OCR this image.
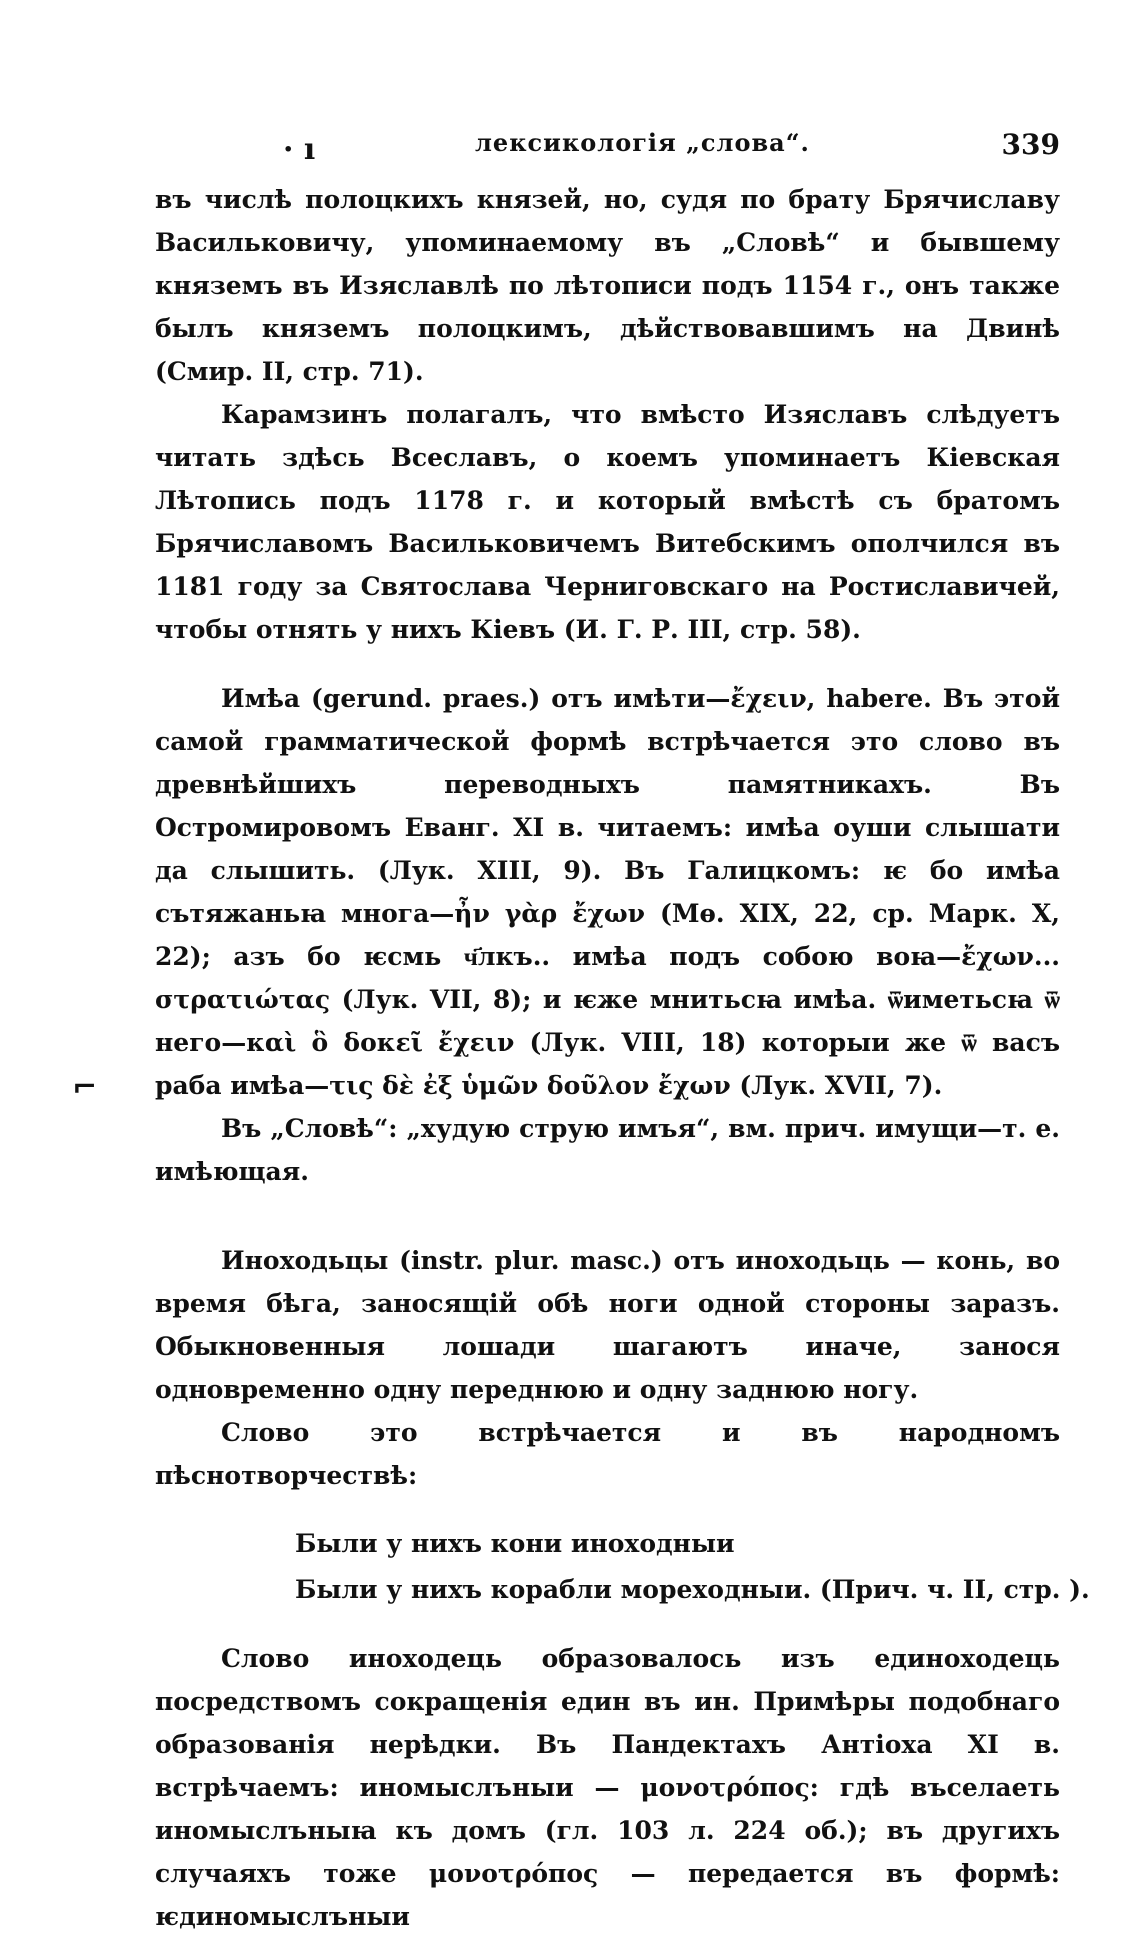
· ı	лексикологія „слова“.	339
⌐

въ числѣ полоцкихъ князей, но, судя по брату Брячиславу Васильковичу, упоминаемому въ „Словѣ“ и бывшему княземъ въ Изяславлѣ по лѣтописи подъ 1154 г., онъ также былъ княземъ полоцкимъ, дѣйствовавшимъ на Двинѣ (Смир. II, стр. 71).

Карамзинъ полагалъ, что вмѣсто Изяславъ слѣдуетъ читать здѣсь Всеславъ, о коемъ упоминаетъ Кіевская Лѣтопись подъ 1178 г. и который вмѣстѣ съ братомъ Брячиславомъ Васильковичемъ Витебскимъ ополчился въ 1181 году за Святослава Черниговскаго на Ростиславичей, чтобы отнять у нихъ Кіевъ (И. Г. Р. III, стр. 58).

Имѣа (gerund. praes.) отъ имѣти—ἔχειν, habere. Въ этой самой грамматической формѣ встрѣчается это слово въ древнѣйшихъ переводныхъ памятникахъ. Въ Остромировомъ Еванг. XI в. читаемъ: имѣа оуши слышати да слышить. (Лук. XIII, 9). Въ Галицкомъ: ѥ бо имѣа сътяжаньꙗ многа—ἦν γὰρ ἔχων (Мѳ. XIX, 22, ср. Марк. X, 22); азъ бо ѥсмь ч҃лкъ.. имѣа подъ собою воꙗ—ἔχων... στρατιώτας (Лук. VII, 8); и ѥже мнитьсꙗ имѣа. ѿиметьсꙗ ѿ него—καὶ ὃ δοκεῖ ἔχειν (Лук. VIII, 18) которыи же ѿ васъ раба имѣа—τις δὲ ἐξ ὑμῶν δοῦλον ἔχων (Лук. XVII, 7).

Въ „Словѣ“: „худую струю имъя“, вм. прич. имущи—т. е. имѣющая.

Иноходьцы (instr. plur. masc.) отъ иноходьць — конь, во время бѣга, заносящій обѣ ноги одной стороны заразъ. Обыкновенныя лошади шагаютъ иначе, занося одновременно одну переднюю и одну заднюю ногу.

Слово это встрѣчается и въ народномъ пѣснотворчествѣ:

Были у нихъ кони иноходныи
Были у нихъ корабли мореходныи. (Прич. ч. II, стр. ).

Слово иноходець образовалось изъ единоходець посредствомъ сокращенія един въ ин. Примѣры подобнаго образованія нерѣдки. Въ Пандектахъ Антіоха XI в. встрѣчаемъ: иномыслъныи — μονοτρόπος: гдѣ въселаеть иномыслъныꙗ къ домъ (гл. 103 л. 224 об.); въ другихъ случаяхъ тоже μονοτρόπος — передается въ формѣ: ѥдиномыслъныи
